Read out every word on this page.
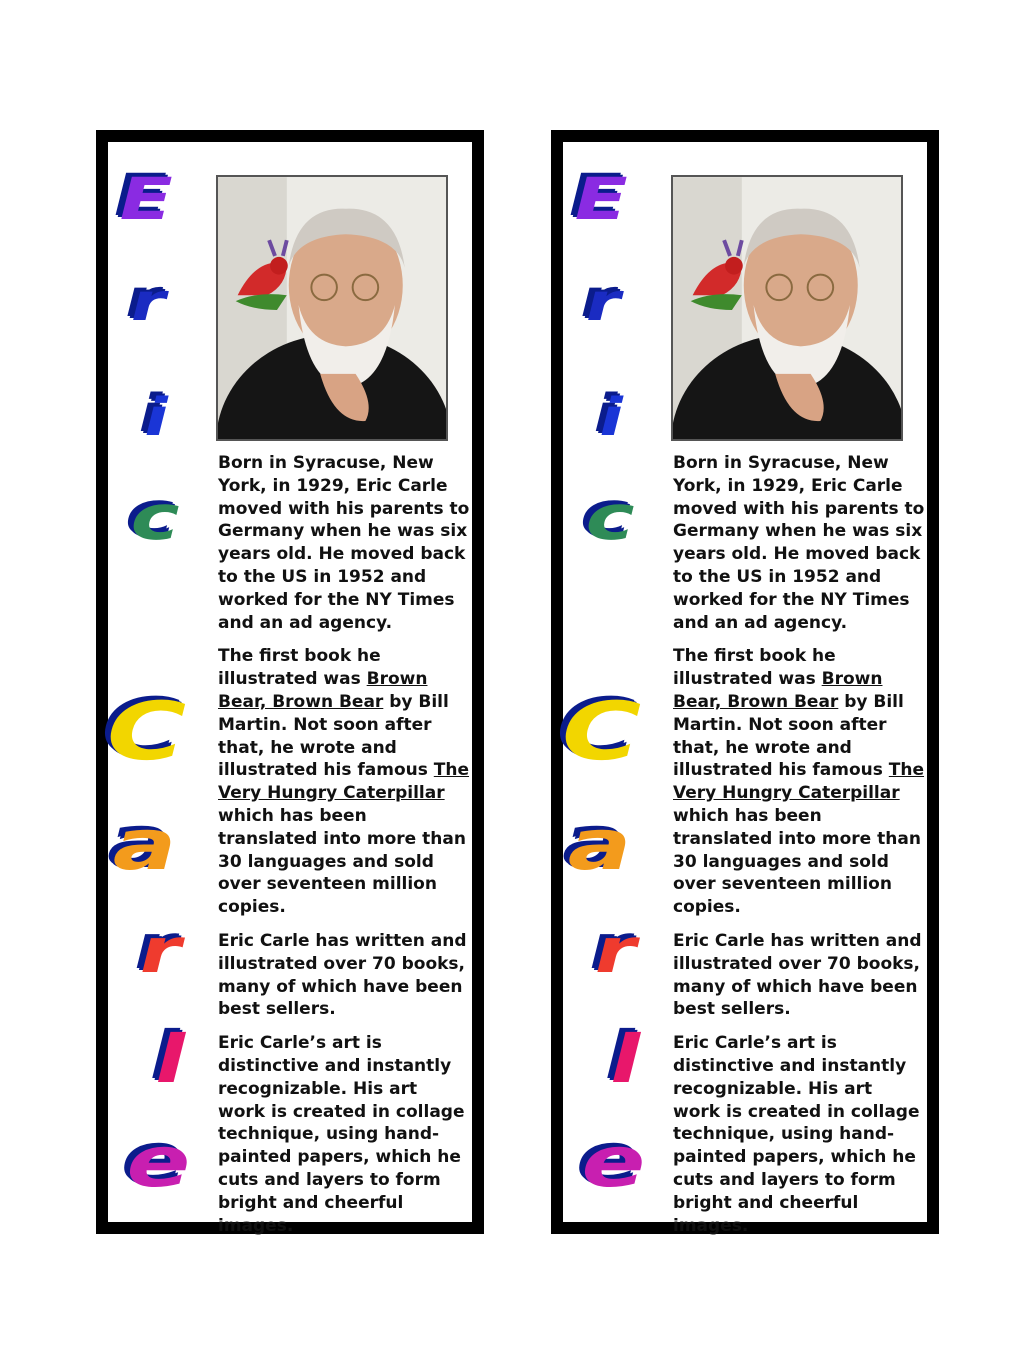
E
r
i
c
C
a
r
l
e

Born in Syracuse, New York, in 1929, Eric Carle moved with his parents to Germany when he was six years old. He moved back to the US in 1952 and worked for the NY Times and an ad agency.

The first book he illustrated was Brown Bear, Brown Bear by Bill Martin. Not soon after that, he wrote and illustrated his famous The Very Hungry Caterpillar which has been translated into more than 30 languages and sold over seventeen million copies.

Eric Carle has written and illustrated over 70 books, many of which have been best sellers.

Eric Carle’s art is distinctive and instantly recognizable. His art work is created in collage technique, using hand-painted papers, which he cuts and layers to form bright and cheerful images.

E
r
i
c
C
a
r
l
e

Born in Syracuse, New York, in 1929, Eric Carle moved with his parents to Germany when he was six years old. He moved back to the US in 1952 and worked for the NY Times and an ad agency.

The first book he illustrated was Brown Bear, Brown Bear by Bill Martin. Not soon after that, he wrote and illustrated his famous The Very Hungry Caterpillar which has been translated into more than 30 languages and sold over seventeen million copies.

Eric Carle has written and illustrated over 70 books, many of which have been best sellers.

Eric Carle’s art is distinctive and instantly recognizable. His art work is created in collage technique, using hand-painted papers, which he cuts and layers to form bright and cheerful images.
